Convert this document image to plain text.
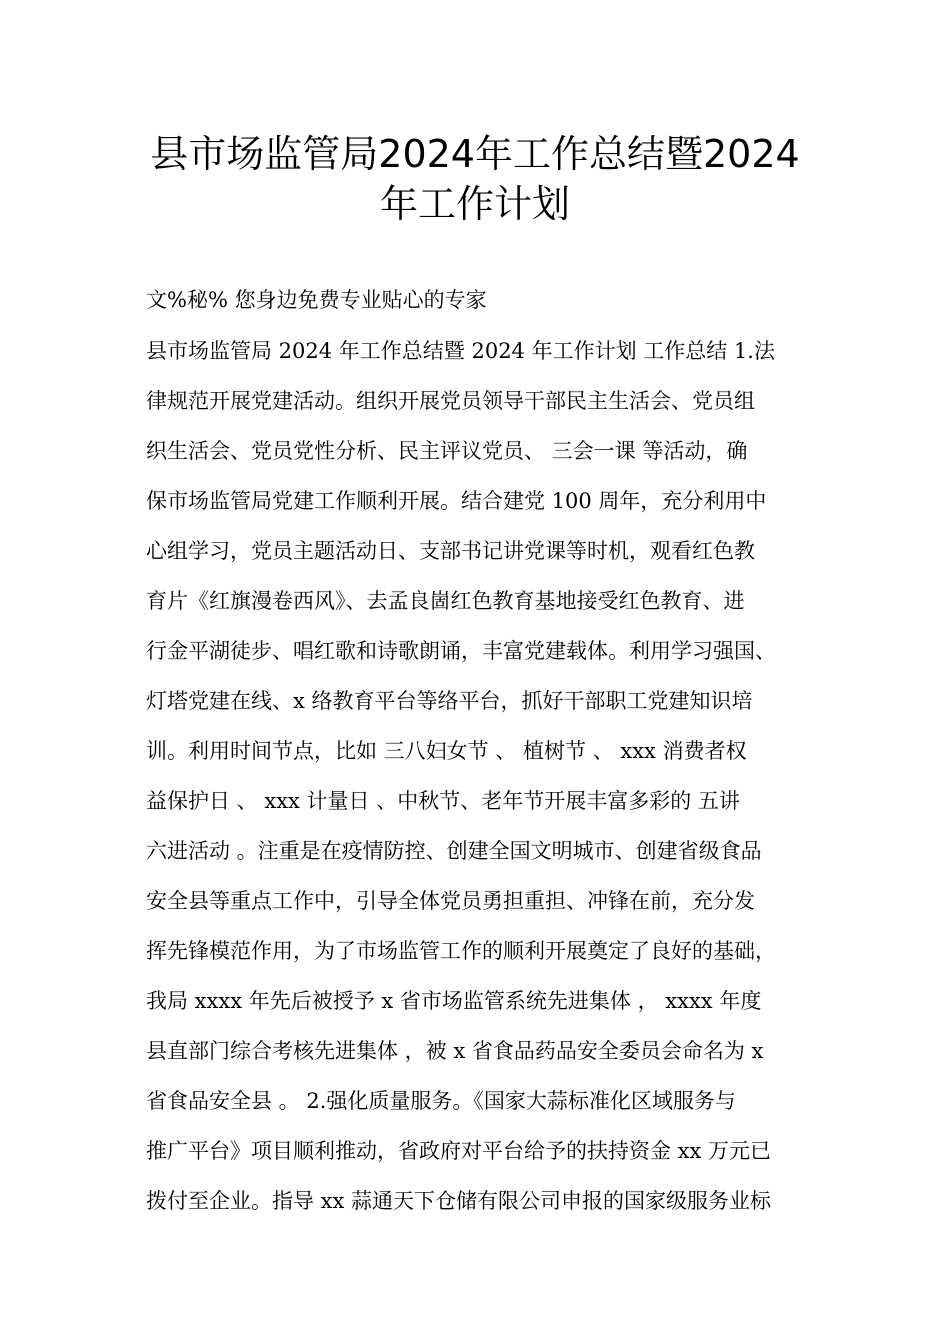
县市场监管局2024年工作总结暨2024
年工作计划
文%秘% 您身边免费专业贴心的专家
县市场监管局 2024 年工作总结暨 2024 年工作计划 工作总结 1.法
律规范开展党建活动。组织开展党员领导干部民主生活会、党员组
织生活会、党员党性分析、民主评议党员、 三会一课 等活动，确
保市场监管局党建工作顺利开展。结合建党 100 周年，充分利用中
心组学习，党员主题活动日、支部书记讲党课等时机，观看红色教
育片《红旗漫卷西风》、去孟良崮红色教育基地接受红色教育、进
行金平湖徒步、唱红歌和诗歌朗诵，丰富党建载体。利用学习强国、
灯塔党建在线、x 络教育平台等络平台，抓好干部职工党建知识培
训。利用时间节点，比如 三八妇女节 、 植树节 、 xxx 消费者权
益保护日 、 xxx 计量日 、中秋节、老年节开展丰富多彩的 五讲
六进活动 。注重是在疫情防控、创建全国文明城市、创建省级食品
安全县等重点工作中，引导全体党员勇担重担、冲锋在前，充分发
挥先锋模范作用，为了市场监管工作的顺利开展奠定了良好的基础，
我局 xxxx 年先后被授予 x 省市场监管系统先进集体 ， xxxx 年度
县直部门综合考核先进集体 ，被 x 省食品药品安全委员会命名为 x
省食品安全县 。 2.强化质量服务。《国家大蒜标准化区域服务与
推广平台》项目顺利推动，省政府对平台给予的扶持资金 xx 万元已
拨付至企业。指导 xx 蒜通天下仓储有限公司申报的国家级服务业标
